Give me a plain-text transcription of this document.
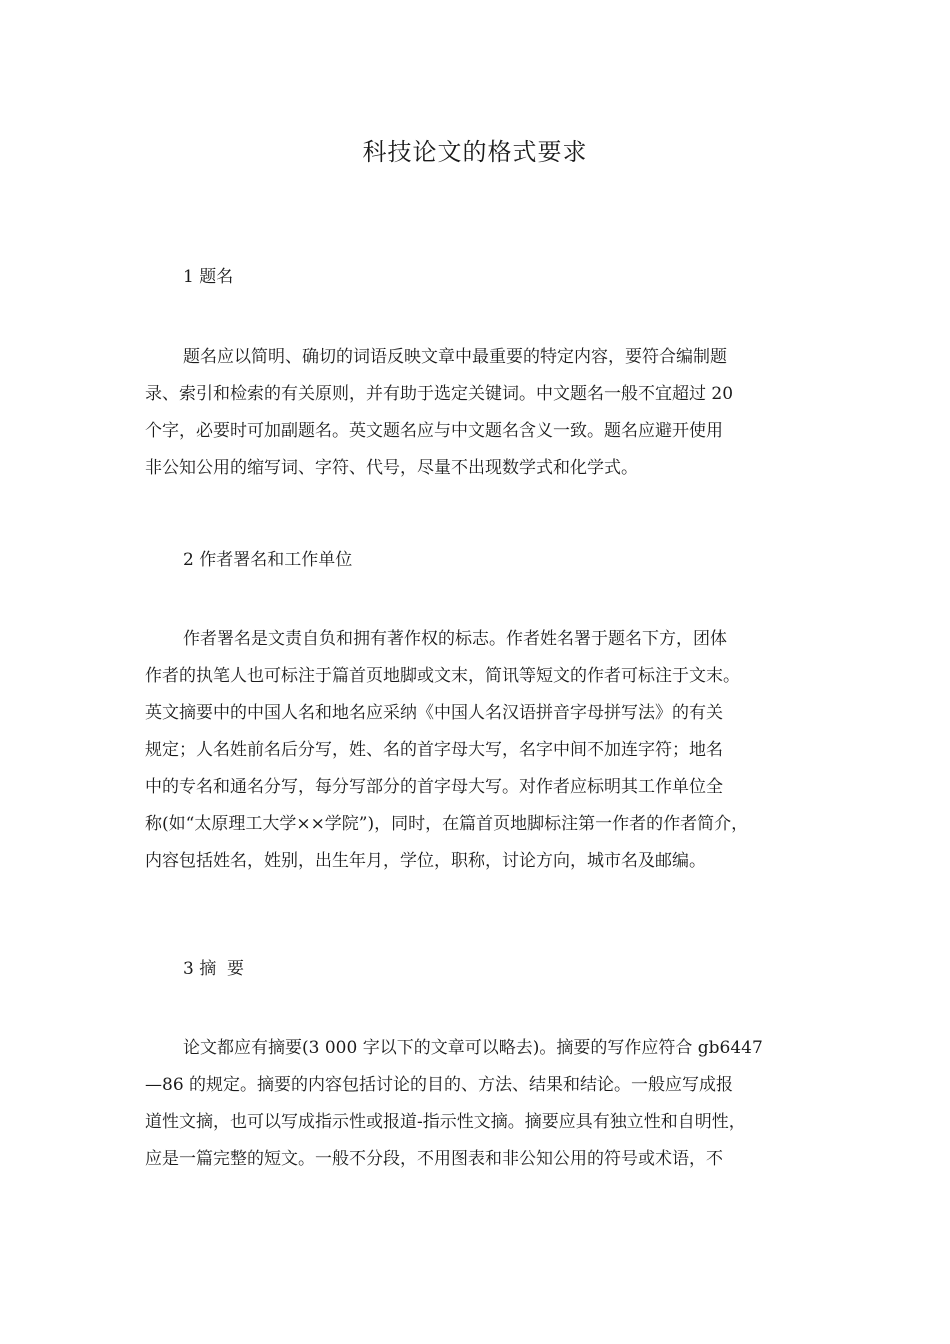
科技论文的格式要求
1 题名
题名应以简明、确切的词语反映文章中最重要的特定内容，要符合编制题
录、索引和检索的有关原则，并有助于选定关键词。中文题名一般不宜超过 20
个字，必要时可加副题名。英文题名应与中文题名含义一致。题名应避开使用
非公知公用的缩写词、字符、代号，尽量不出现数学式和化学式。
2 作者署名和工作单位
作者署名是文责自负和拥有著作权的标志。作者姓名署于题名下方，团体
作者的执笔人也可标注于篇首页地脚或文末，简讯等短文的作者可标注于文末。
英文摘要中的中国人名和地名应采纳《中国人名汉语拼音字母拼写法》的有关
规定；人名姓前名后分写，姓、名的首字母大写，名字中间不加连字符；地名
中的专名和通名分写，每分写部分的首字母大写。对作者应标明其工作单位全
称(如“太原理工大学××学院”)，同时，在篇首页地脚标注第一作者的作者简介，
内容包括姓名，姓别，出生年月，学位，职称，讨论方向，城市名及邮编。
3 摘  要
论文都应有摘要(3 000 字以下的文章可以略去)。摘要的写作应符合 gb6447
—86 的规定。摘要的内容包括讨论的目的、方法、结果和结论。一般应写成报
道性文摘，也可以写成指示性或报道-指示性文摘。摘要应具有独立性和自明性，
应是一篇完整的短文。一般不分段，不用图表和非公知公用的符号或术语，不
